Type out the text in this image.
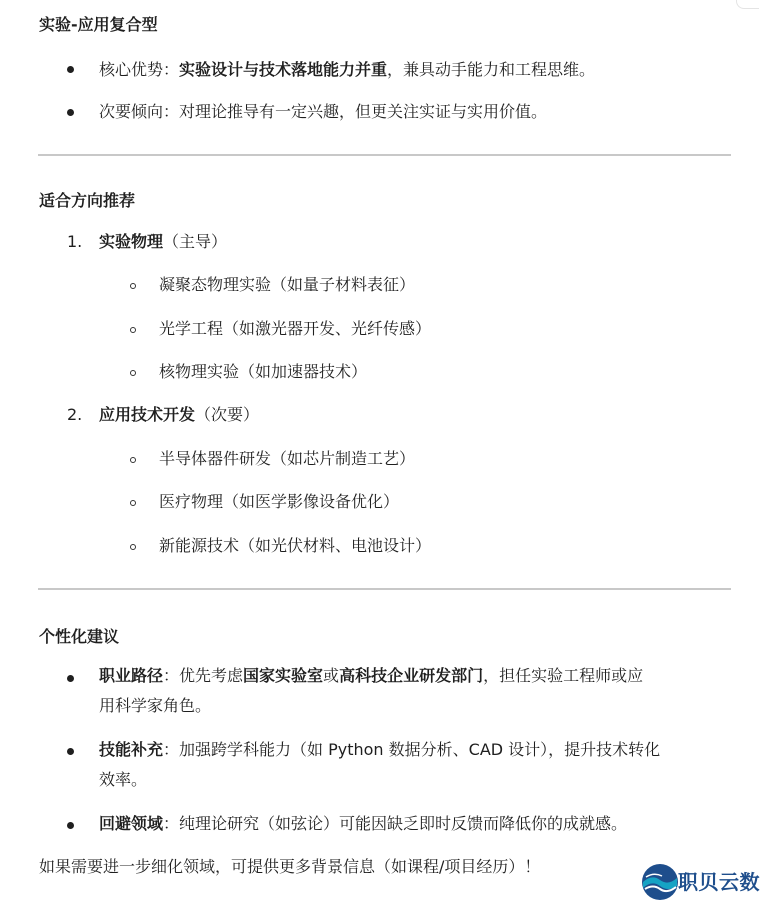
实验-应用复合型

核心优势：实验设计与技术落地能力并重，兼具动手能力和工程思维。

次要倾向：对理论推导有一定兴趣，但更关注实证与实用价值。

适合方向推荐
1. 实验物理（主导）

凝聚态物理实验（如量子材料表征）

光学工程（如激光器开发、光纤传感）

核物理实验（如加速器技术）

2. 应用技术开发（次要）

半导体器件研发（如芯片制造工艺）

医疗物理（如医学影像设备优化）

新能源技术（如光伏材料、电池设计）

个性化建议

职业路径：优先考虑国家实验室或高科技企业研发部门，担任实验工程师或应
用科学家角色。

技能补充：加强跨学科能力（如 Python 数据分析、CAD 设计），提升技术转化
效率。

回避领域：纯理论研究（如弦论）可能因缺乏即时反馈而降低你的成就感。

如果需要进一步细化领域，可提供更多背景信息（如课程/项目经历）！

职贝云数
